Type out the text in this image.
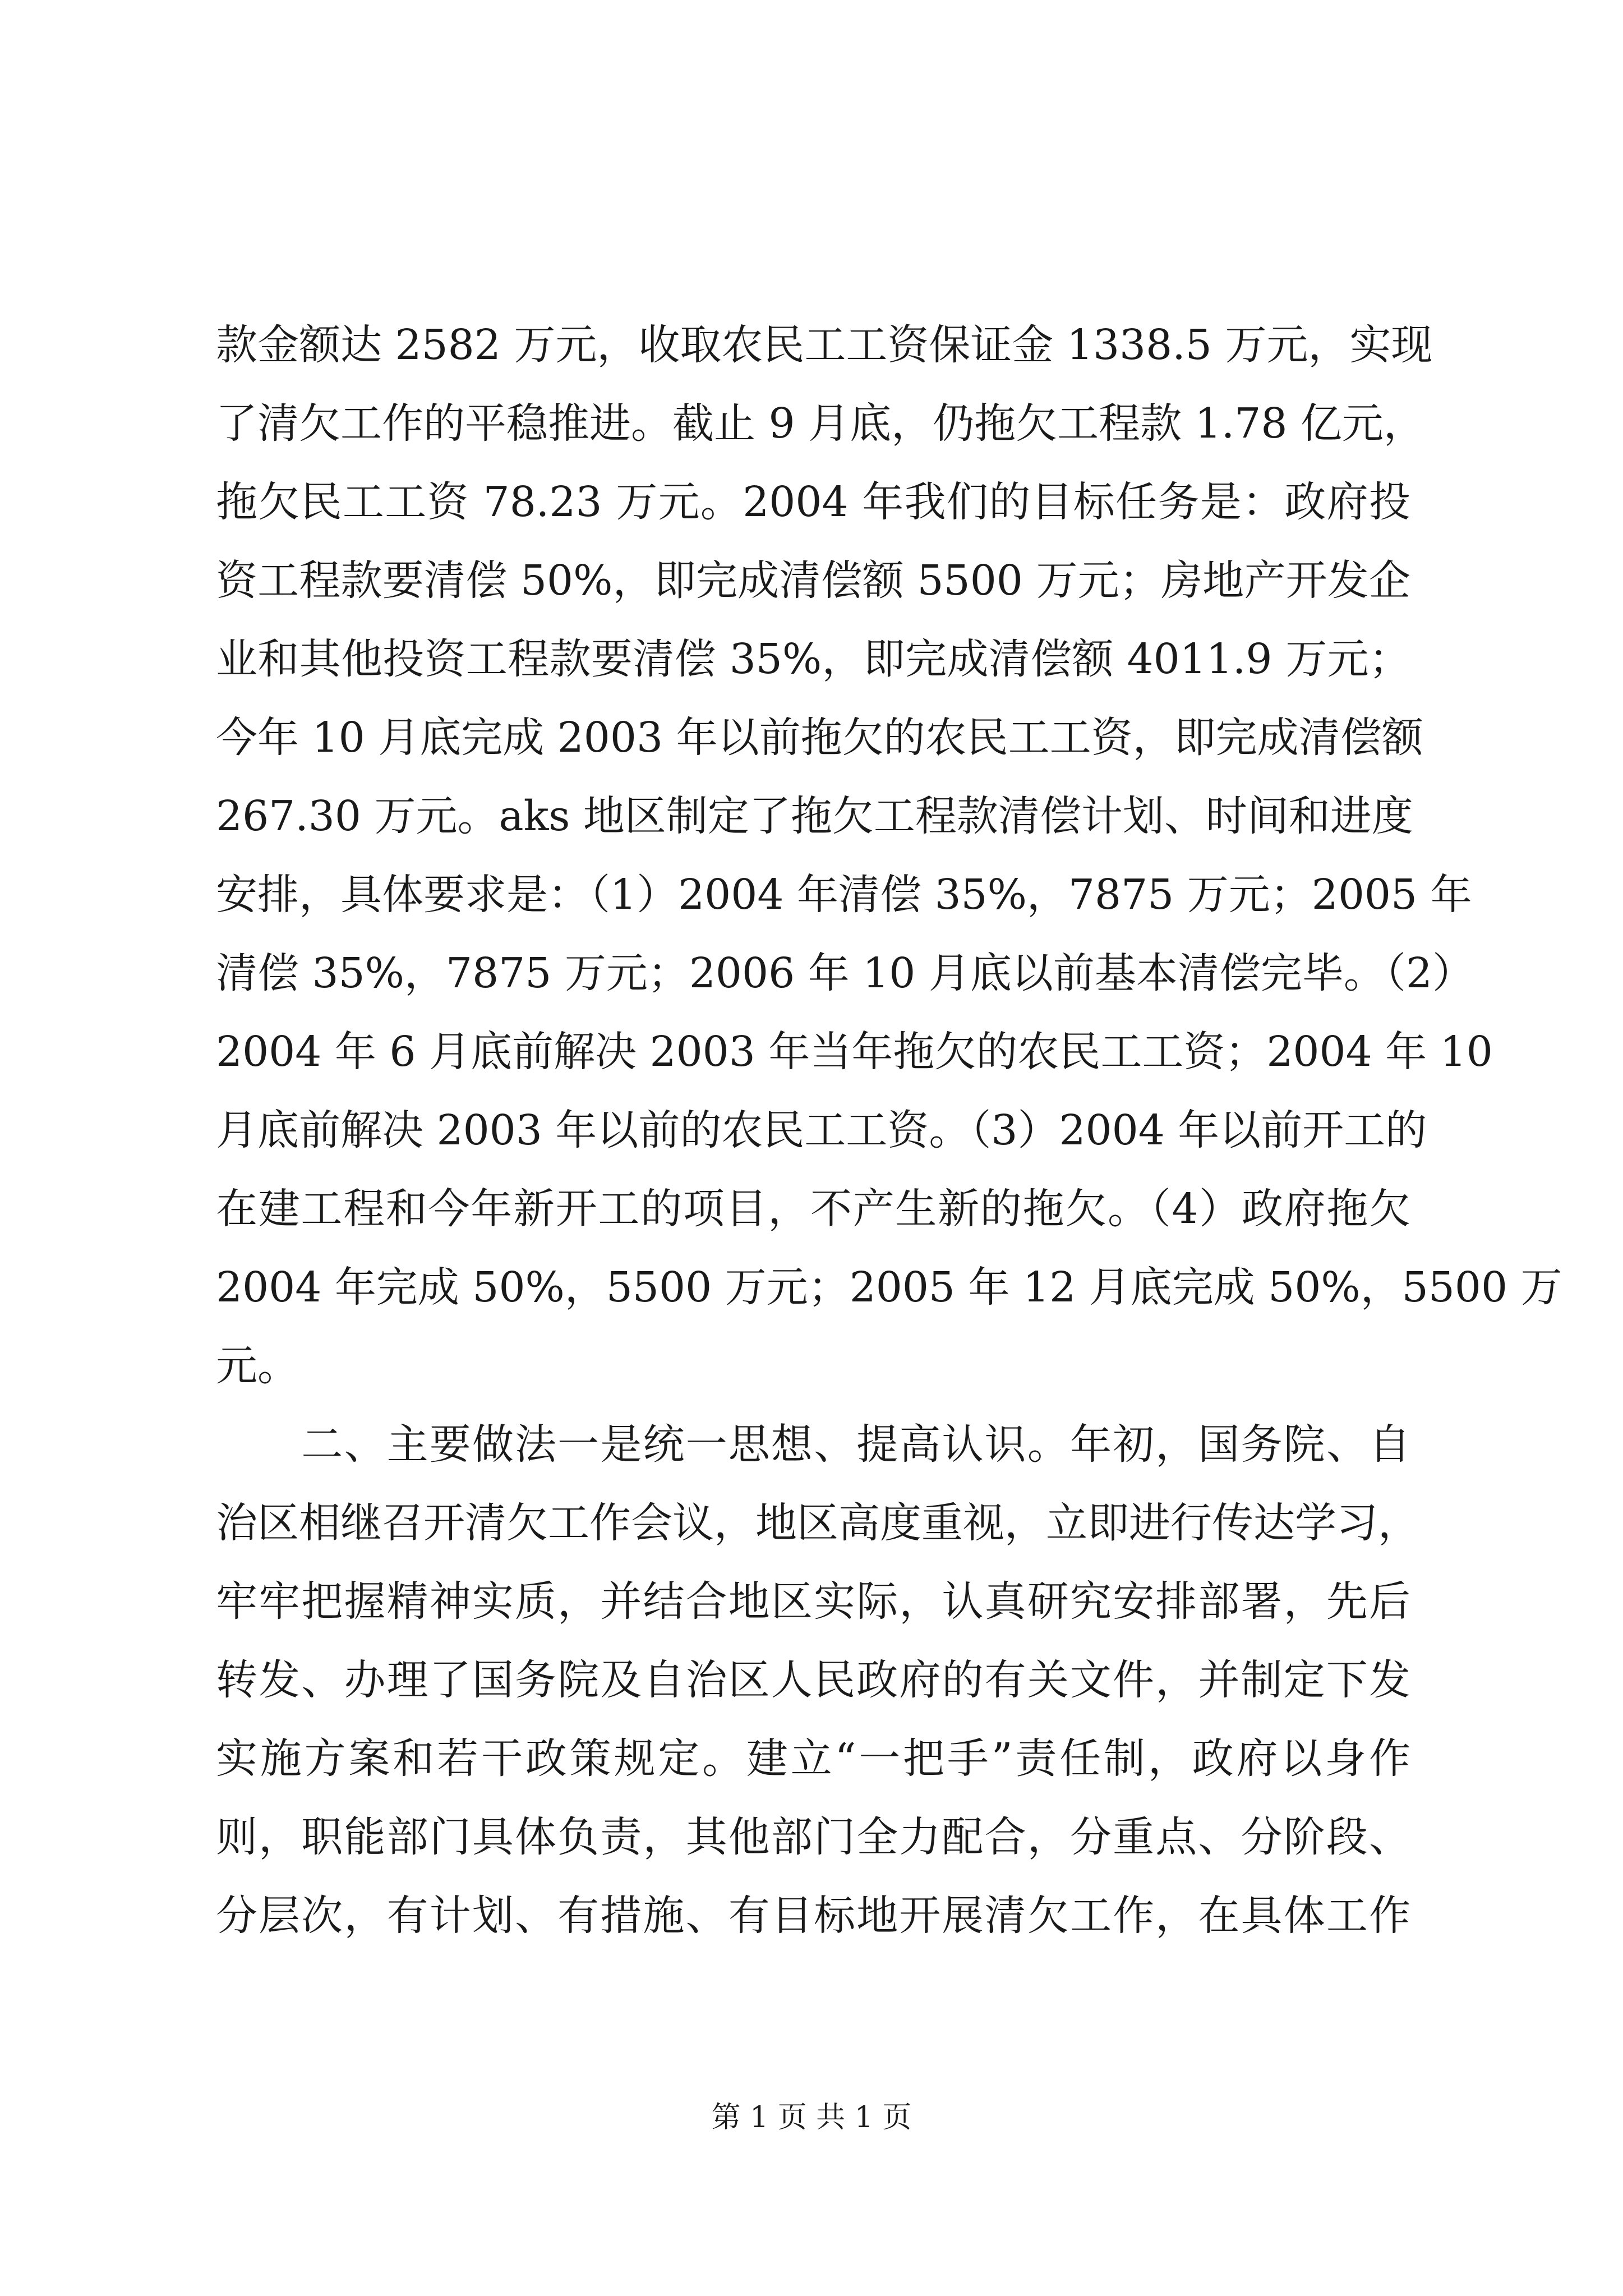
款金额达 2582 万元，收取农民工工资保证金 1338.5 万元，实现
了清欠工作的平稳推进。截止 9 月底，仍拖欠工程款 1.78 亿元，
拖欠民工工资 78.23 万元。2004 年我们的目标任务是：政府投
资工程款要清偿 50%，即完成清偿额 5500 万元；房地产开发企
业和其他投资工程款要清偿 35%，即完成清偿额 4011.9 万元；
今年 10 月底完成 2003 年以前拖欠的农民工工资，即完成清偿额
267.30 万元。aks 地区制定了拖欠工程款清偿计划、时间和进度
安排，具体要求是：（1）2004 年清偿 35%，7875 万元；2005 年
清偿 35%，7875 万元；2006 年 10 月底以前基本清偿完毕。（2）
2004 年 6 月底前解决 2003 年当年拖欠的农民工工资；2004 年 10
月底前解决 2003 年以前的农民工工资。（3）2004 年以前开工的
在建工程和今年新开工的项目，不产生新的拖欠。（4）政府拖欠
2004 年完成 50%，5500 万元；2005 年 12 月底完成 50%，5500 万
元。
　　二、主要做法一是统一思想、提高认识。年初，国务院、自
治区相继召开清欠工作会议，地区高度重视，立即进行传达学习，
牢牢把握精神实质，并结合地区实际，认真研究安排部署，先后
转发、办理了国务院及自治区人民政府的有关文件，并制定下发
实施方案和若干政策规定。建立“一把手”责任制，政府以身作
则，职能部门具体负责，其他部门全力配合，分重点、分阶段、
分层次，有计划、有措施、有目标地开展清欠工作，在具体工作
第 1 页 共 1 页
